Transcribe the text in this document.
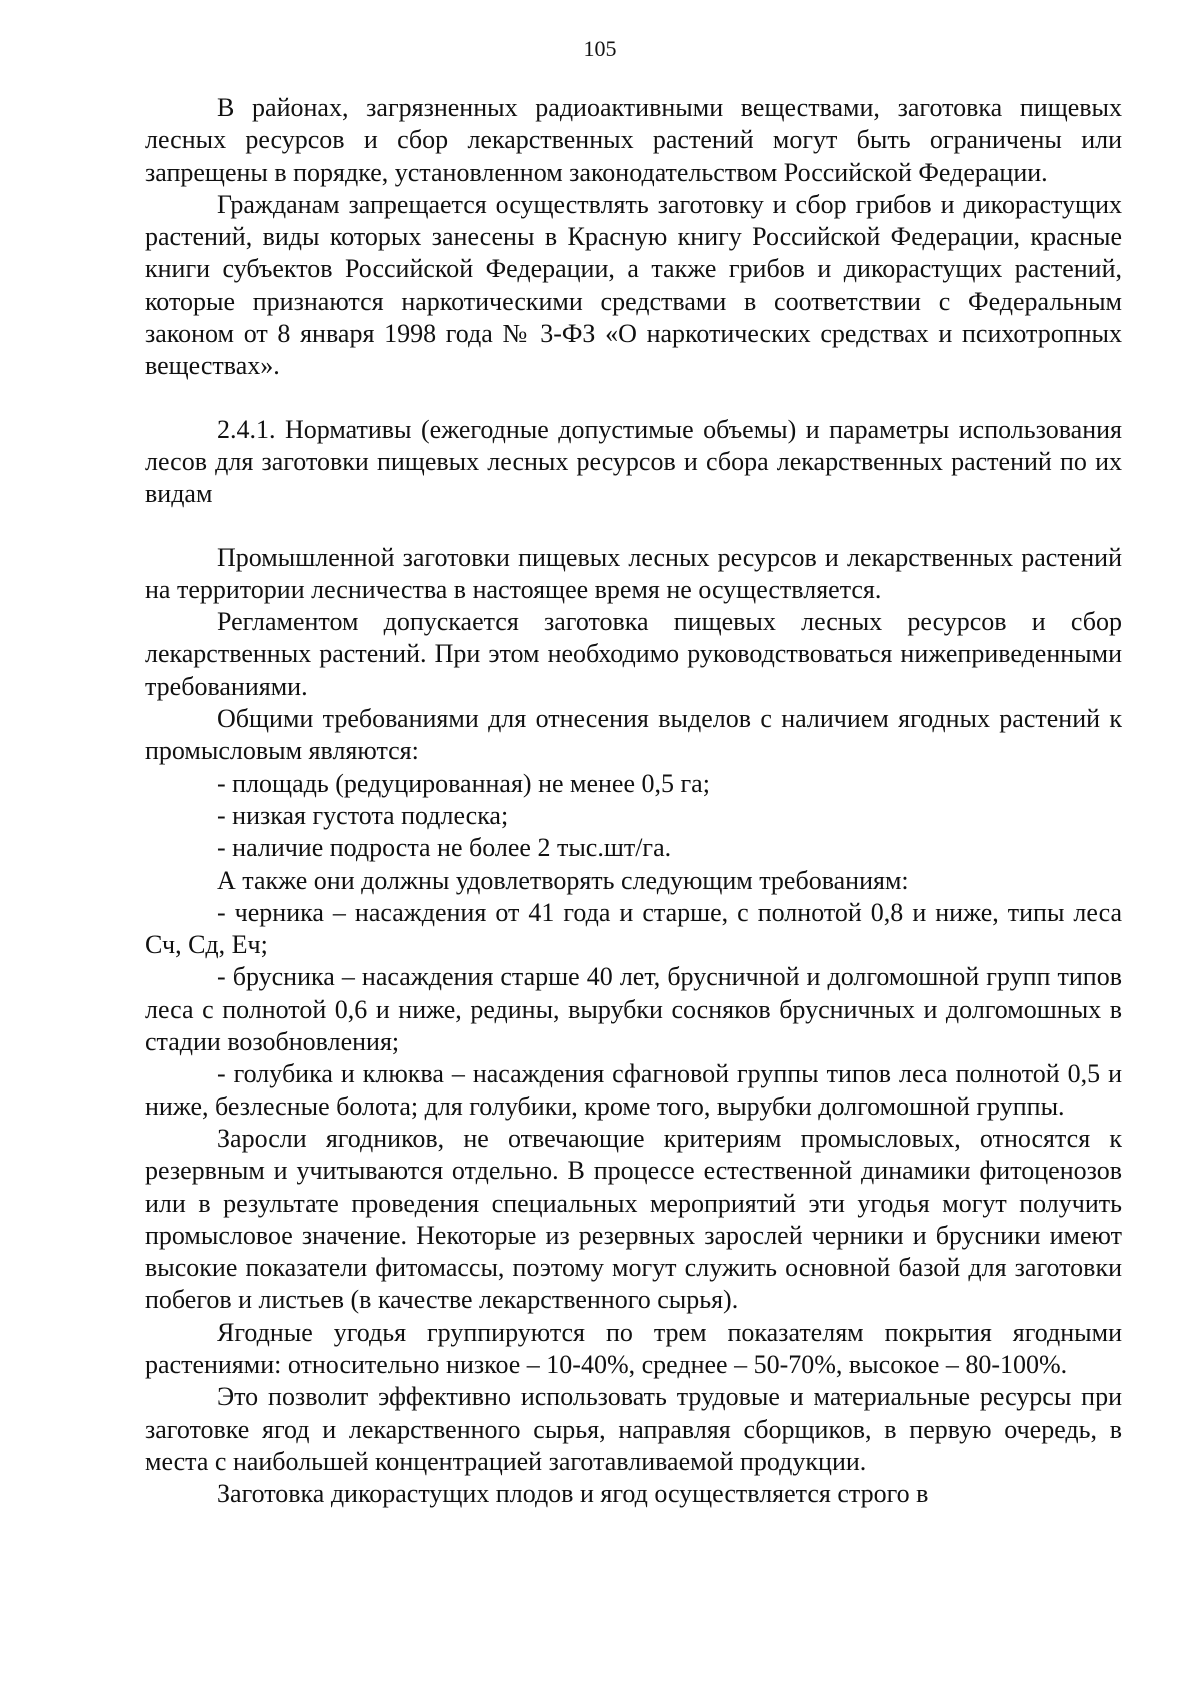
105

В районах, загрязненных радиоактивными веществами, заготовка пищевых лесных ресурсов и сбор лекарственных растений могут быть ограничены или запрещены в порядке, установленном законодательством Российской Федерации.

Гражданам запрещается осуществлять заготовку и сбор грибов и дикорастущих растений, виды которых занесены в Красную книгу Российской Федерации, красные книги субъектов Российской Федерации, а также грибов и дикорастущих растений, которые признаются наркотическими средствами в соответствии с Федеральным законом от 8 января 1998 года № 3-ФЗ «О наркотических средствах и психотропных веществах».

2.4.1. Нормативы (ежегодные допустимые объемы) и параметры использования лесов для заготовки пищевых лесных ресурсов и сбора лекарственных растений по их видам

Промышленной заготовки пищевых лесных ресурсов и лекарственных растений на территории лесничества в настоящее время не осуществляется.

Регламентом допускается заготовка пищевых лесных ресурсов и сбор лекарственных растений. При этом необходимо руководствоваться нижеприведенными требованиями.

Общими требованиями для отнесения выделов с наличием ягодных растений к промысловым являются:

- площадь (редуцированная) не менее 0,5 га;

- низкая густота подлеска;

- наличие подроста не более 2 тыс.шт/га.

А также они должны удовлетворять следующим требованиям:

- черника – насаждения от 41 года и старше, с полнотой 0,8 и ниже, типы леса Сч, Сд, Еч;

- брусника – насаждения старше 40 лет, брусничной и долгомошной групп типов леса с полнотой 0,6 и ниже, редины, вырубки сосняков брусничных и долгомошных в стадии возобновления;

- голубика и клюква – насаждения сфагновой группы типов леса полнотой 0,5 и ниже, безлесные болота; для голубики, кроме того, вырубки долгомошной группы.

Заросли ягодников, не отвечающие критериям промысловых, относятся к резервным и учитываются отдельно. В процессе естественной динамики фитоценозов или в результате проведения специальных мероприятий эти угодья могут получить промысловое значение. Некоторые из резервных зарослей черники и брусники имеют высокие показатели фитомассы, поэтому могут служить основной базой для заготовки побегов и листьев (в качестве лекарственного сырья).

Ягодные угодья группируются по трем показателям покрытия ягодными растениями: относительно низкое – 10-40%, среднее – 50-70%, высокое – 80-100%.

Это позволит эффективно использовать трудовые и материальные ресурсы при заготовке ягод и лекарственного сырья, направляя сборщиков, в первую очередь, в места с наибольшей концентрацией заготавливаемой продукции.

Заготовка дикорастущих плодов и ягод осуществляется строго в
